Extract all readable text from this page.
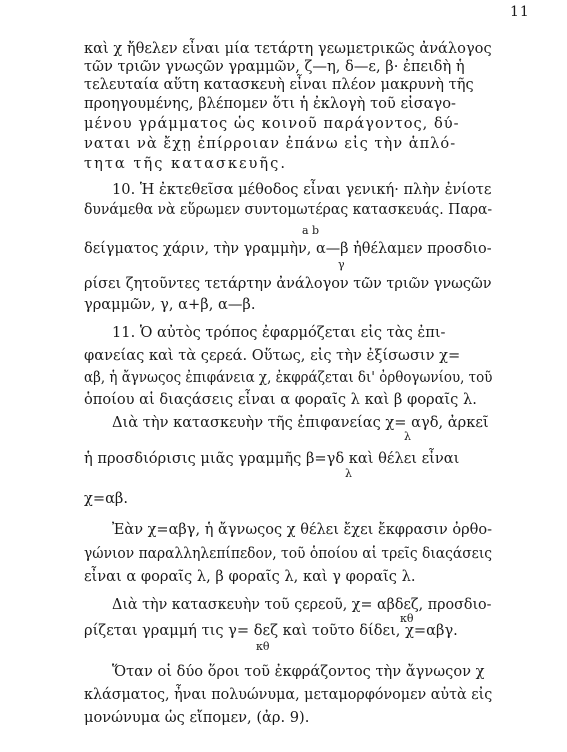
11
καὶ χ ἤθελεν εἶναι μία τετάρτη γεωμετρικῶς ἀνάλογος
τῶν τριῶν γνωςῶν γραμμῶν, ζ—η, δ—ε, β· ἐπειδὴ ἡ
τελευταία αὕτη κατασκευὴ εἶναι πλέον μακρυνὴ τῆς
προηγουμένης, βλέπομεν ὅτι ἡ ἐκλογὴ τοῦ εἰσαγο-
μένου γράμματος ὡς κοινοῦ παράγοντος, δύ-
ναται νὰ ἔχῃ ἐπίρροιαν ἐπάνω εἰς τὴν ἁπλό-
τητα τῆς κατασκευῆς.
10. Ἡ ἐκτεθεῖσα μέθοδος εἶναι γενική· πλὴν ἐνίοτε
δυνάμεθα νὰ εὕρωμεν συντομωτέρας κατασκευάς. Παρα-
a b
δείγματος χάριν, τὴν γραμμὴν, α—β ἠθέλαμεν προσδιο-
γ
ρίσει ζητοῦντες τετάρτην ἀνάλογον τῶν τριῶν γνωςῶν
γραμμῶν, γ, α+β, α—β.
11. Ὁ αὐτὸς τρόπος ἐφαρμόζεται εἰς τὰς ἐπι-
φανείας καὶ τὰ ςερεά. Οὕτως, εἰς τὴν ἐξίσωσιν χ=
αβ, ἡ ἄγνωςος ἐπιφάνεια χ, ἐκφράζεται δι' ὀρθογωνίου, τοῦ
ὁποίου αἱ διαςάσεις εἶναι α φοραῖς λ καὶ β φοραῖς λ.
Διὰ τὴν κατασκευὴν τῆς ἐπιφανείας χ= αγδ, ἀρκεῖ
λ
ἡ προσδιόρισις μιᾶς γραμμῆς β=γδ καὶ θέλει εἶναι
λ
χ=αβ.
Ἐὰν χ=αβγ, ἡ ἄγνωςος χ θέλει ἔχει ἔκφρασιν ὀρθο-
γώνιον παραλληλεπίπεδον, τοῦ ὁποίου αἱ τρεῖς διαςάσεις
εἶναι α φοραῖς λ, β φοραῖς λ, καὶ γ φοραῖς λ.
Διὰ τὴν κατασκευὴν τοῦ ςερεοῦ, χ= αβδεζ, προσδιο-
κθ
ρίζεται γραμμή τις γ= δεζ καὶ τοῦτο δίδει, χ=αβγ.
κθ
Ὅταν οἱ δύο ὅροι τοῦ ἐκφράζοντος τὴν ἄγνωςον χ
κλάσματος, ἦναι πολυώνυμα, μεταμορφόνομεν αὐτὰ εἰς
μονώνυμα ὡς εἴπομεν, (ἀρ. 9).
